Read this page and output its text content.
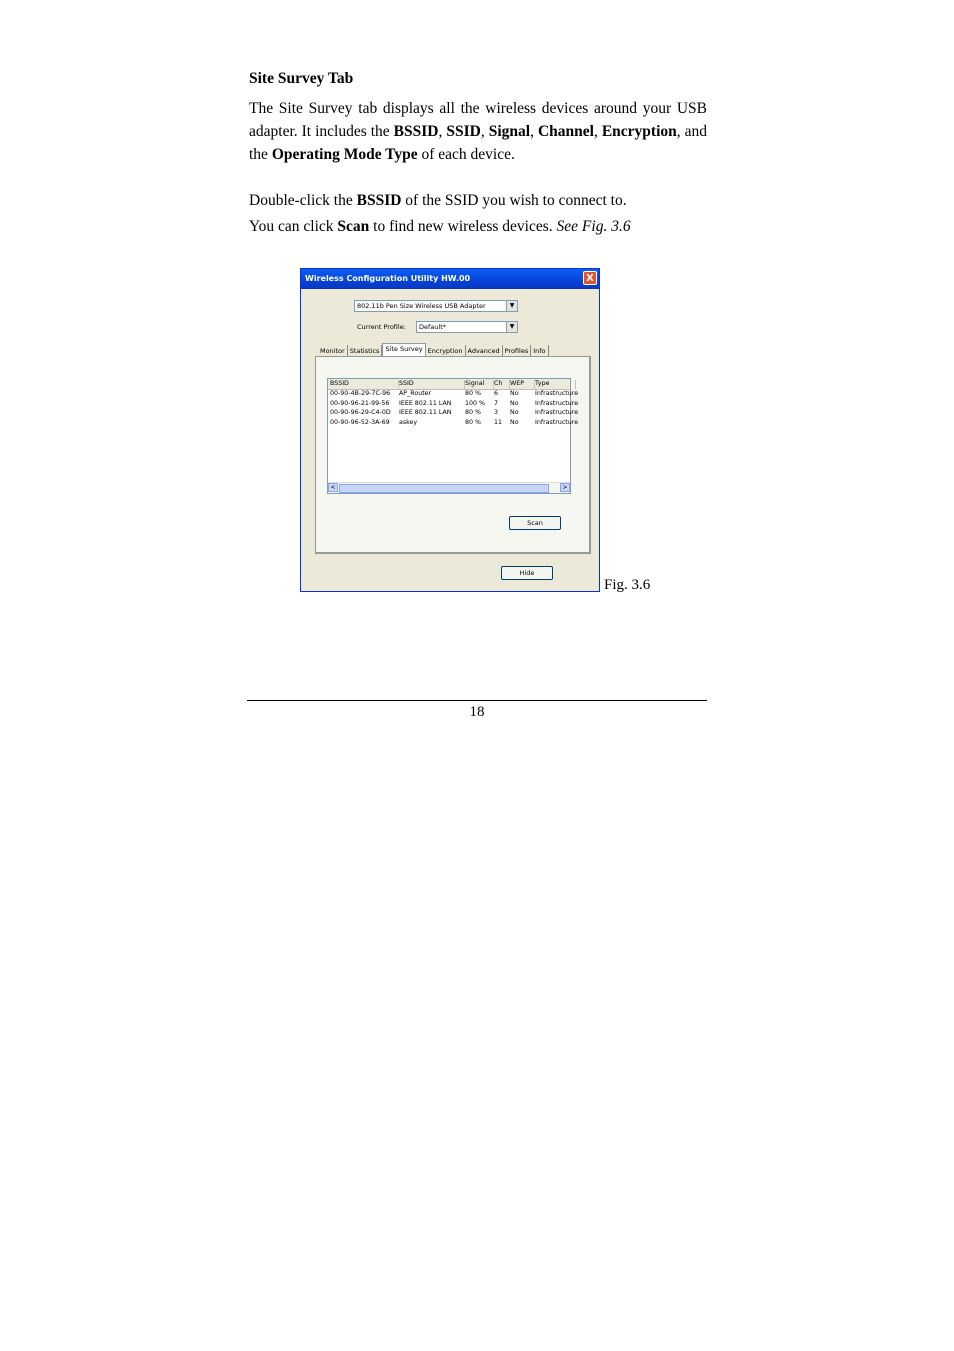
Site Survey Tab
The Site Survey tab displays all the wireless devices around your USB adapter. It includes the BSSID, SSID, Signal, Channel, Encryption, and the Operating Mode Type of each device.
Double-click the BSSID of the SSID you wish to connect to.
You can click Scan to find new wireless devices. See Fig. 3.6
Wireless Configuration Utility HW.00	X
802.11b Pen Size Wireless USB Adapter	▼
Current Profile: Default*	▼
Monitor Statistics Site Survey Encryption Advanced Profiles Info
BSSID	SSID	Signal	Ch	WEP	Type
00-90-4B-29-7C-96	AP_Router	80 %	6	No	Infrastructure
00-90-96-21-99-56	IEEE 802.11 LAN	100 %	7	No	Infrastructure
00-90-96-29-C4-0D	IEEE 802.11 LAN	80 %	3	No	Infrastructure
00-90-96-52-3A-69	askey	80 %	11	No	Infrastructure
<	>
Scan
Hide
Fig. 3.6
18
